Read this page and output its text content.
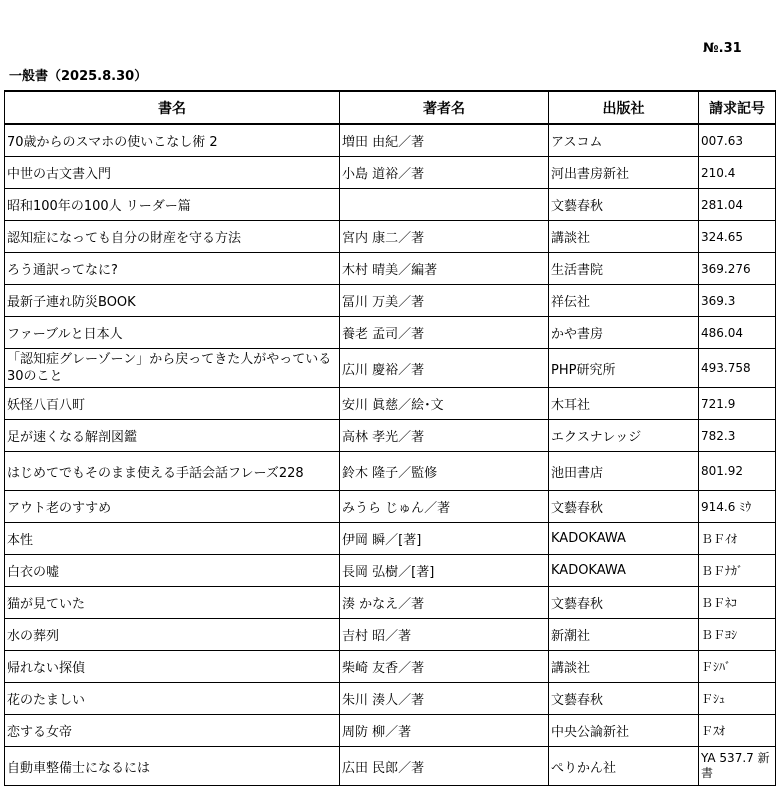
№.31
一般書（2025.8.30）
書名	著者名	出版社	請求記号
70歳からのスマホの使いこなし術 2	増田 由紀／著	アスコム	007.63
中世の古文書入門	小島 道裕／著	河出書房新社	210.4
昭和100年の100人 リーダー篇		文藝春秋	281.04
認知症になっても自分の財産を守る方法	宮内 康二／著	講談社	324.65
ろう通訳ってなに?	木村 晴美／編著	生活書院	369.276
最新子連れ防災BOOK	冨川 万美／著	祥伝社	369.3
ファーブルと日本人	養老 孟司／著	かや書房	486.04
「認知症グレーゾーン」から戻ってきた人がやっている30のこと	広川 慶裕／著	PHP研究所	493.758
妖怪八百八町	安川 眞慈／絵･文	木耳社	721.9
足が速くなる解剖図鑑	高林 孝光／著	エクスナレッジ	782.3
はじめてでもそのまま使える手話会話フレーズ228	鈴木 隆子／監修	池田書店	801.92
アウト老のすすめ	みうら じゅん／著	文藝春秋	914.6 ﾐｳ
本性	伊岡 瞬／[著]	KADOKAWA	ＢＦｲｵ
白衣の嘘	長岡 弘樹／[著]	KADOKAWA	ＢＦﾅｶﾞ
猫が見ていた	湊 かなえ／著	文藝春秋	ＢＦﾈｺ
水の葬列	吉村 昭／著	新潮社	ＢＦﾖｼ
帰れない探偵	柴崎 友香／著	講談社	Ｆｼﾊﾞ
花のたましい	朱川 湊人／著	文藝春秋	Ｆｼｭ
恋する女帝	周防 柳／著	中央公論新社	Ｆｽｵ
自動車整備士になるには	広田 民郎／著	ぺりかん社	YA 537.7 新書
